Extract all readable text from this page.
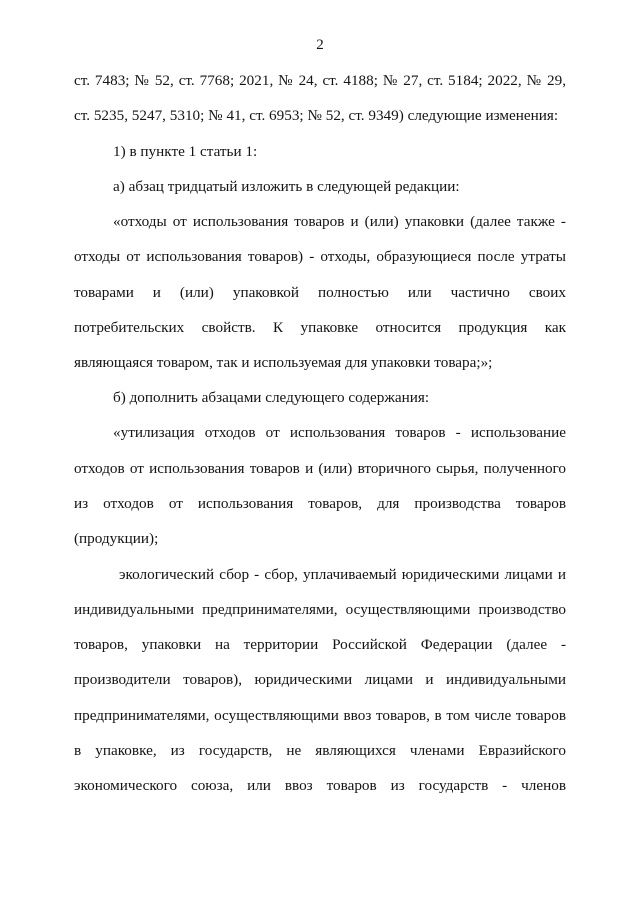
2
ст. 7483; № 52, ст. 7768; 2021, № 24, ст. 4188; № 27, ст. 5184; 2022, № 29,
ст. 5235, 5247, 5310; № 41, ст. 6953; № 52, ст. 9349) следующие изменения:
1) в пункте 1 статьи 1:
а) абзац тридцатый изложить в следующей редакции:
«отходы от использования товаров и (или) упаковки (далее также -
отходы от использования товаров) - отходы, образующиеся после утраты
товарами и (или) упаковкой полностью или частично своих
потребительских свойств. К упаковке относится продукция как
являющаяся товаром, так и используемая для упаковки товара;»;
б) дополнить абзацами следующего содержания:
«утилизация отходов от использования товаров - использование
отходов от использования товаров и (или) вторичного сырья, полученного
из отходов от использования товаров, для производства товаров
(продукции);
экологический сбор - сбор, уплачиваемый юридическими лицами и
индивидуальными предпринимателями, осуществляющими производство
товаров, упаковки на территории Российской Федерации (далее -
производители товаров), юридическими лицами и индивидуальными
предпринимателями, осуществляющими ввоз товаров, в том числе товаров
в упаковке, из государств, не являющихся членами Евразийского
экономического союза, или ввоз товаров из государств - членов
